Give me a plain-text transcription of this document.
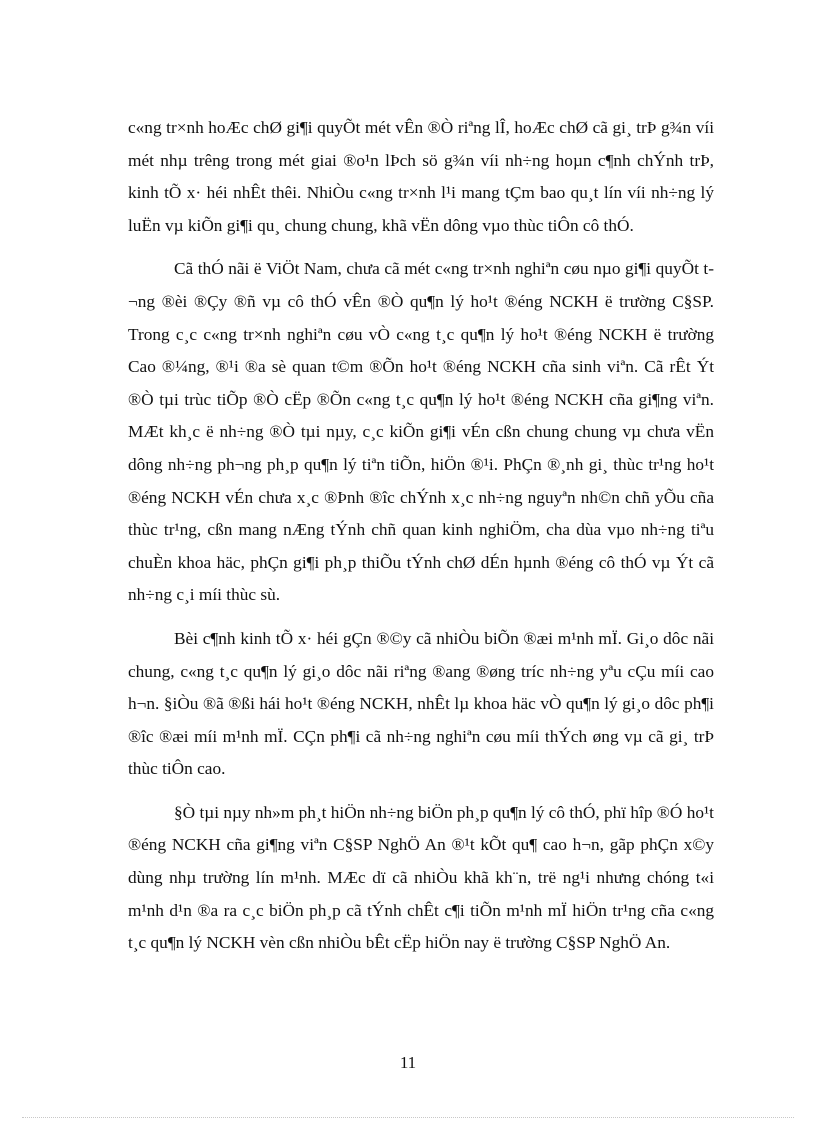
c«ng tr×nh hoÆc chØ gi¶i quyÕt mét vÊn ®Ò riªng lÎ, hoÆc chØ cã gi¸ trÞ g¾n víi mét nhµ trêng trong mét giai ®o¹n lÞch sö g¾n víi nh÷ng hoµn c¶nh chÝnh trÞ, kinh tÕ x· héi nhÊt thêi. NhiÒu c«ng tr×nh l¹i mang tÇm bao qu¸t lín víi nh÷ng lý luËn vµ kiÕn gi¶i qu¸ chung chung, khã vËn dông vµo thùc tiÔn cô thÓ.

Cã thÓ nãi ë ViÖt Nam, chưa cã mét c«ng tr×nh nghiªn cøu nµo gi¶i quyÕt t¬ng ®èi ®Çy ®ñ vµ cô thÓ vÊn ®Ò qu¶n lý ho¹t ®éng NCKH ë trường C§SP. Trong c¸c c«ng tr×nh nghiªn cøu vÒ c«ng t¸c qu¶n lý ho¹t ®éng NCKH ë trường Cao ®¼ng, ®¹i ®a sè quan t©m ®Õn ho¹t ®éng NCKH cña sinh viªn. Cã rÊt Ýt ®Ò tµi trùc tiÕp ®Ò cËp ®Õn c«ng t¸c qu¶n lý ho¹t ®éng NCKH cña gi¶ng viªn. MÆt kh¸c ë nh÷ng ®Ò tµi nµy, c¸c kiÕn gi¶i vÉn cßn chung chung vµ chưa vËn dông nh÷ng ph¬ng ph¸p qu¶n lý tiªn tiÕn, hiÖn ®¹i. PhÇn ®¸nh gi¸ thùc tr¹ng ho¹t ®éng NCKH vÉn chưa x¸c ®Þnh ®îc chÝnh x¸c nh÷ng nguyªn nh©n chñ yÕu cña thùc tr¹ng, cßn mang nÆng tÝnh chñ quan kinh nghiÖm, cha dùa vµo nh÷ng tiªu chuÈn khoa häc, phÇn gi¶i ph¸p thiÕu tÝnh chØ dÉn hµnh ®éng cô thÓ vµ Ýt cã nh÷ng c¸i míi thùc sù.

Bèi c¶nh kinh tÕ x· héi gÇn ®©y cã nhiÒu biÕn ®æi m¹nh mÏ. Gi¸o dôc nãi chung, c«ng t¸c qu¶n lý gi¸o dôc nãi riªng ®ang ®øng tríc nh÷ng yªu cÇu míi cao h¬n. §iÒu ®ã ®ßi hái ho¹t ®éng NCKH, nhÊt lµ khoa häc vÒ qu¶n lý gi¸o dôc ph¶i ®îc ®æi míi m¹nh mÏ. CÇn ph¶i cã nh÷ng nghiªn cøu míi thÝch øng vµ cã gi¸ trÞ thùc tiÔn cao.

§Ò tµi nµy nh»m ph¸t hiÖn nh÷ng biÖn ph¸p qu¶n lý cô thÓ, phï hîp ®Ó ho¹t ®éng NCKH cña gi¶ng viªn C§SP NghÖ An ®¹t kÕt qu¶ cao h¬n, gãp phÇn x©y dùng nhµ trường lín m¹nh. MÆc dï cã nhiÒu khã kh¨n, trë ng¹i nhưng chóng t«i m¹nh d¹n ®a ra c¸c biÖn ph¸p cã tÝnh chÊt c¶i tiÕn m¹nh mÏ hiÖn tr¹ng cña c«ng t¸c qu¶n lý NCKH vèn cßn nhiÒu bÊt cËp hiÖn nay ë trường C§SP NghÖ An.

11
